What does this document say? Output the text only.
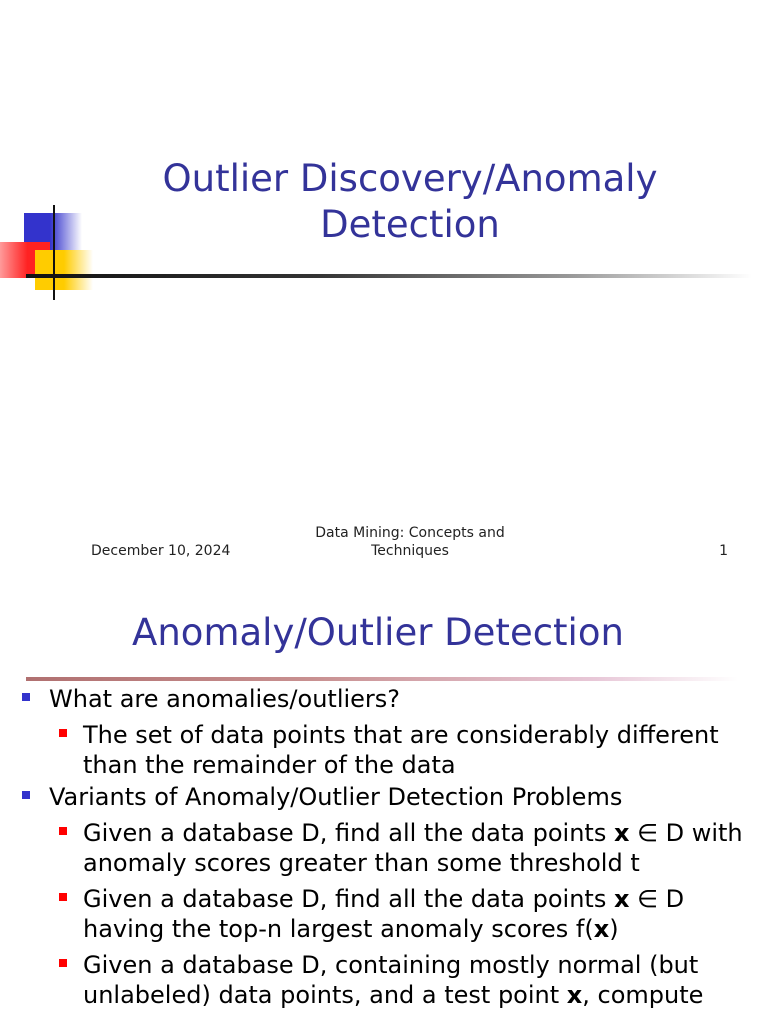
Outlier Discovery/Anomaly Detection
December 10, 2024
Data Mining: Concepts and Techniques	1
Anomaly/Outlier Detection
What are anomalies/outliers?
The set of data points that are considerably different than the remainder of the data
Variants of Anomaly/Outlier Detection Problems
Given a database D, find all the data points x ∈ D with anomaly scores greater than some threshold t
Given a database D, find all the data points x ∈ D having the top-n largest anomaly scores f(x)
Given a database D, containing mostly normal (but unlabeled) data points, and a test point x, compute
